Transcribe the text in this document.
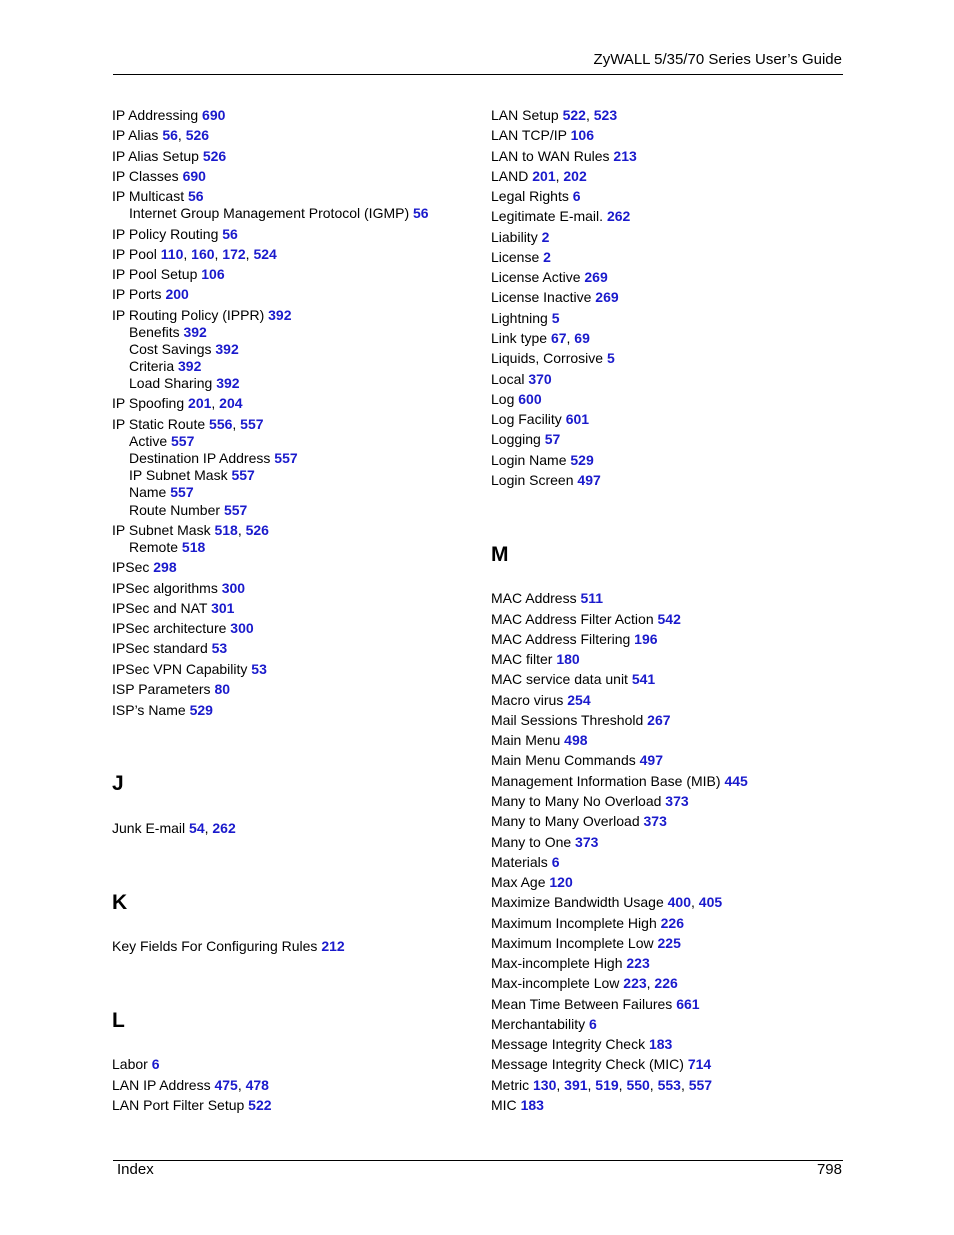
ZyWALL 5/35/70 Series User’s Guide
IP Addressing 690
IP Alias 56, 526
IP Alias Setup 526
IP Classes 690
IP Multicast 56
Internet Group Management Protocol (IGMP) 56
IP Policy Routing 56
IP Pool 110, 160, 172, 524
IP Pool Setup 106
IP Ports 200
IP Routing Policy (IPPR) 392
Benefits 392
Cost Savings 392
Criteria 392
Load Sharing 392
IP Spoofing 201, 204
IP Static Route 556, 557
Active 557
Destination IP Address 557
IP Subnet Mask 557
Name 557
Route Number 557
IP Subnet Mask 518, 526
Remote 518
IPSec 298
IPSec algorithms 300
IPSec and NAT 301
IPSec architecture 300
IPSec standard 53
IPSec VPN Capability 53
ISP Parameters 80
ISP’s Name 529
J
Junk E-mail 54, 262
K
Key Fields For Configuring Rules 212
L
Labor 6
LAN IP Address 475, 478
LAN Port Filter Setup 522
LAN Setup 522, 523
LAN TCP/IP 106
LAN to WAN Rules 213
LAND 201, 202
Legal Rights 6
Legitimate E-mail. 262
Liability 2
License 2
License Active 269
License Inactive 269
Lightning 5
Link type 67, 69
Liquids, Corrosive 5
Local 370
Log 600
Log Facility 601
Logging 57
Login Name 529
Login Screen 497
M
MAC Address 511
MAC Address Filter Action 542
MAC Address Filtering 196
MAC filter 180
MAC service data unit 541
Macro virus 254
Mail Sessions Threshold 267
Main Menu 498
Main Menu Commands 497
Management Information Base (MIB) 445
Many to Many No Overload 373
Many to Many Overload 373
Many to One 373
Materials 6
Max Age 120
Maximize Bandwidth Usage 400, 405
Maximum Incomplete High 226
Maximum Incomplete Low 225
Max-incomplete High 223
Max-incomplete Low 223, 226
Mean Time Between Failures 661
Merchantability 6
Message Integrity Check 183
Message Integrity Check (MIC) 714
Metric 130, 391, 519, 550, 553, 557
MIC 183
Index	798
